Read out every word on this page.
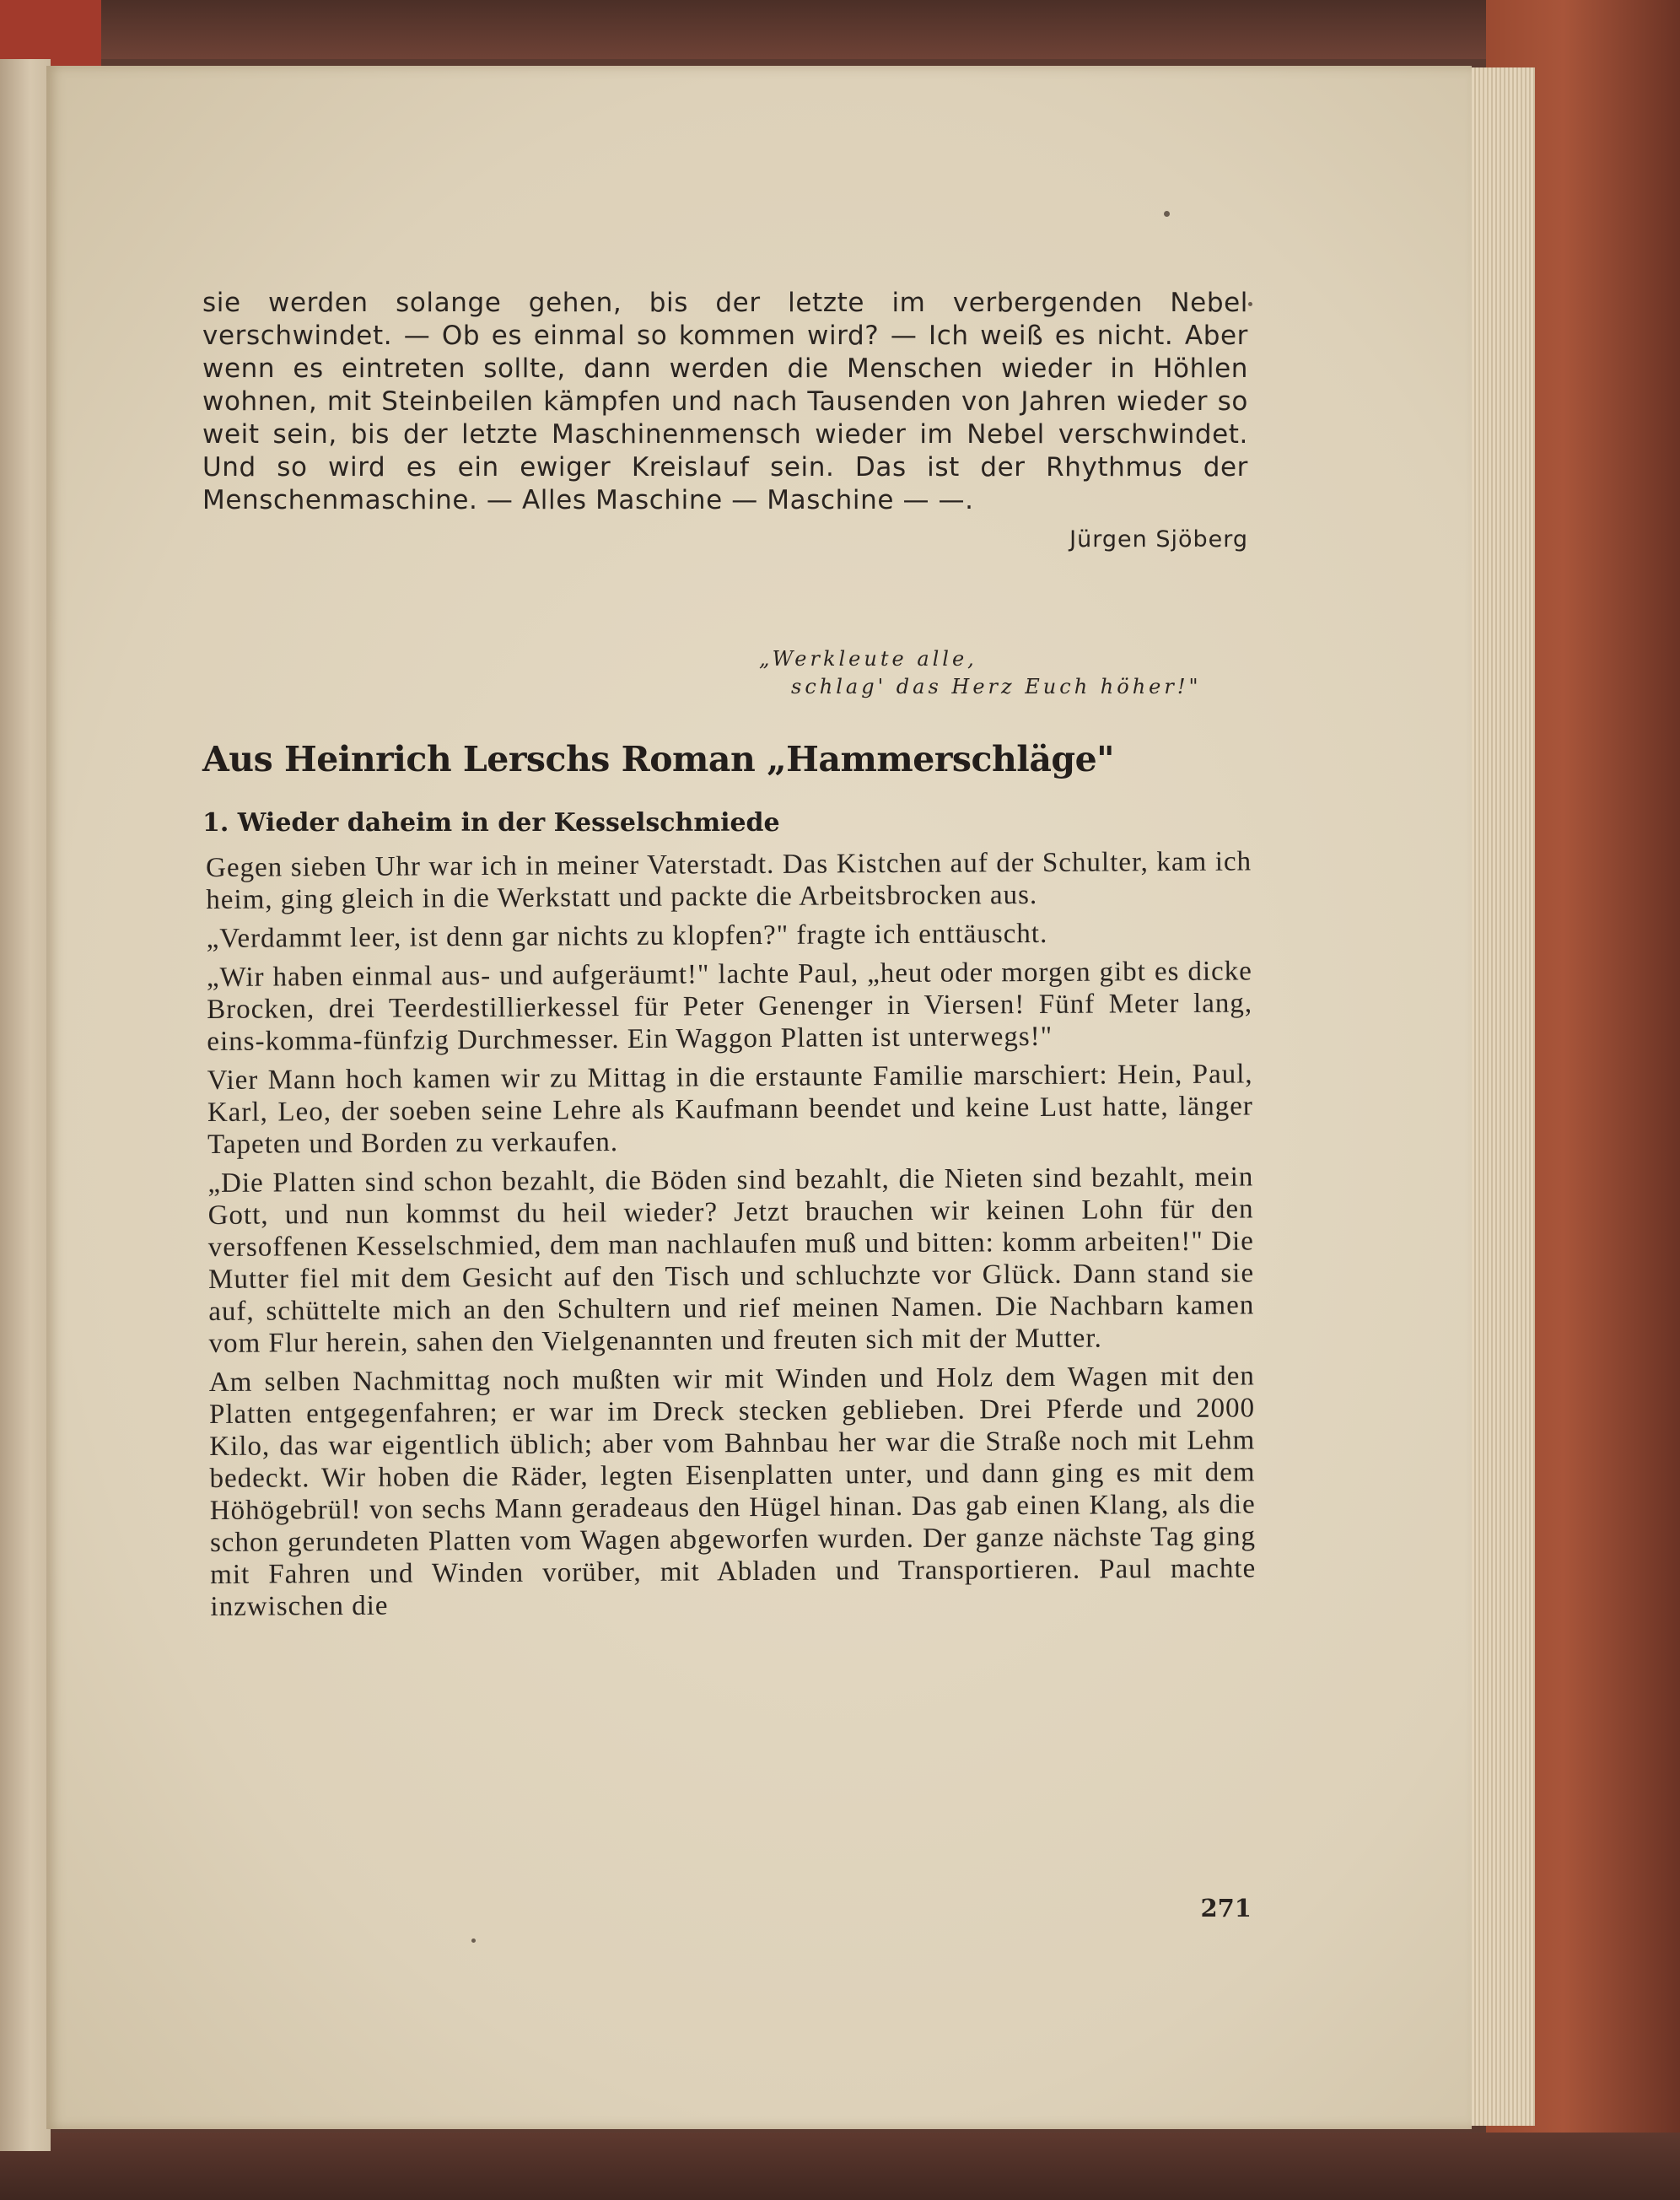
sie werden solange gehen, bis der letzte im verbergenden Nebel verschwindet. — Ob es einmal so kommen wird? — Ich weiß es nicht. Aber wenn es eintreten sollte, dann werden die Menschen wieder in Höhlen wohnen, mit Steinbeilen kämpfen und nach Tausenden von Jahren wieder so weit sein, bis der letzte Maschinenmensch wieder im Nebel verschwindet. Und so wird es ein ewiger Kreislauf sein. Das ist der Rhythmus der Menschenmaschine. — Alles Maschine — Maschine — —.
Jürgen Sjöberg
„Werkleute alle,
schlag' das Herz Euch höher!"
Aus Heinrich Lerschs Roman „Hammerschläge"
1. Wieder daheim in der Kesselschmiede

Gegen sieben Uhr war ich in meiner Vaterstadt. Das Kistchen auf der Schulter, kam ich heim, ging gleich in die Werkstatt und packte die Arbeitsbrocken aus.

„Verdammt leer, ist denn gar nichts zu klopfen?" fragte ich enttäuscht.

„Wir haben einmal aus- und aufgeräumt!" lachte Paul, „heut oder morgen gibt es dicke Brocken, drei Teerdestillierkessel für Peter Genenger in Viersen! Fünf Meter lang, eins-komma-fünfzig Durchmesser. Ein Waggon Platten ist unterwegs!"

Vier Mann hoch kamen wir zu Mittag in die erstaunte Familie marschiert: Hein, Paul, Karl, Leo, der soeben seine Lehre als Kaufmann beendet und keine Lust hatte, länger Tapeten und Borden zu verkaufen.

„Die Platten sind schon bezahlt, die Böden sind bezahlt, die Nieten sind bezahlt, mein Gott, und nun kommst du heil wieder? Jetzt brauchen wir keinen Lohn für den versoffenen Kesselschmied, dem man nachlaufen muß und bitten: komm arbeiten!" Die Mutter fiel mit dem Gesicht auf den Tisch und schluchzte vor Glück. Dann stand sie auf, schüttelte mich an den Schultern und rief meinen Namen. Die Nachbarn kamen vom Flur herein, sahen den Vielgenannten und freuten sich mit der Mutter.

Am selben Nachmittag noch mußten wir mit Winden und Holz dem Wagen mit den Platten entgegenfahren; er war im Dreck stecken geblieben. Drei Pferde und 2000 Kilo, das war eigentlich üblich; aber vom Bahnbau her war die Straße noch mit Lehm bedeckt. Wir hoben die Räder, legten Eisenplatten unter, und dann ging es mit dem Höhögebrül! von sechs Mann geradeaus den Hügel hinan. Das gab einen Klang, als die schon gerundeten Platten vom Wagen abgeworfen wurden. Der ganze nächste Tag ging mit Fahren und Winden vorüber, mit Abladen und Transportieren. Paul machte inzwischen die

271
